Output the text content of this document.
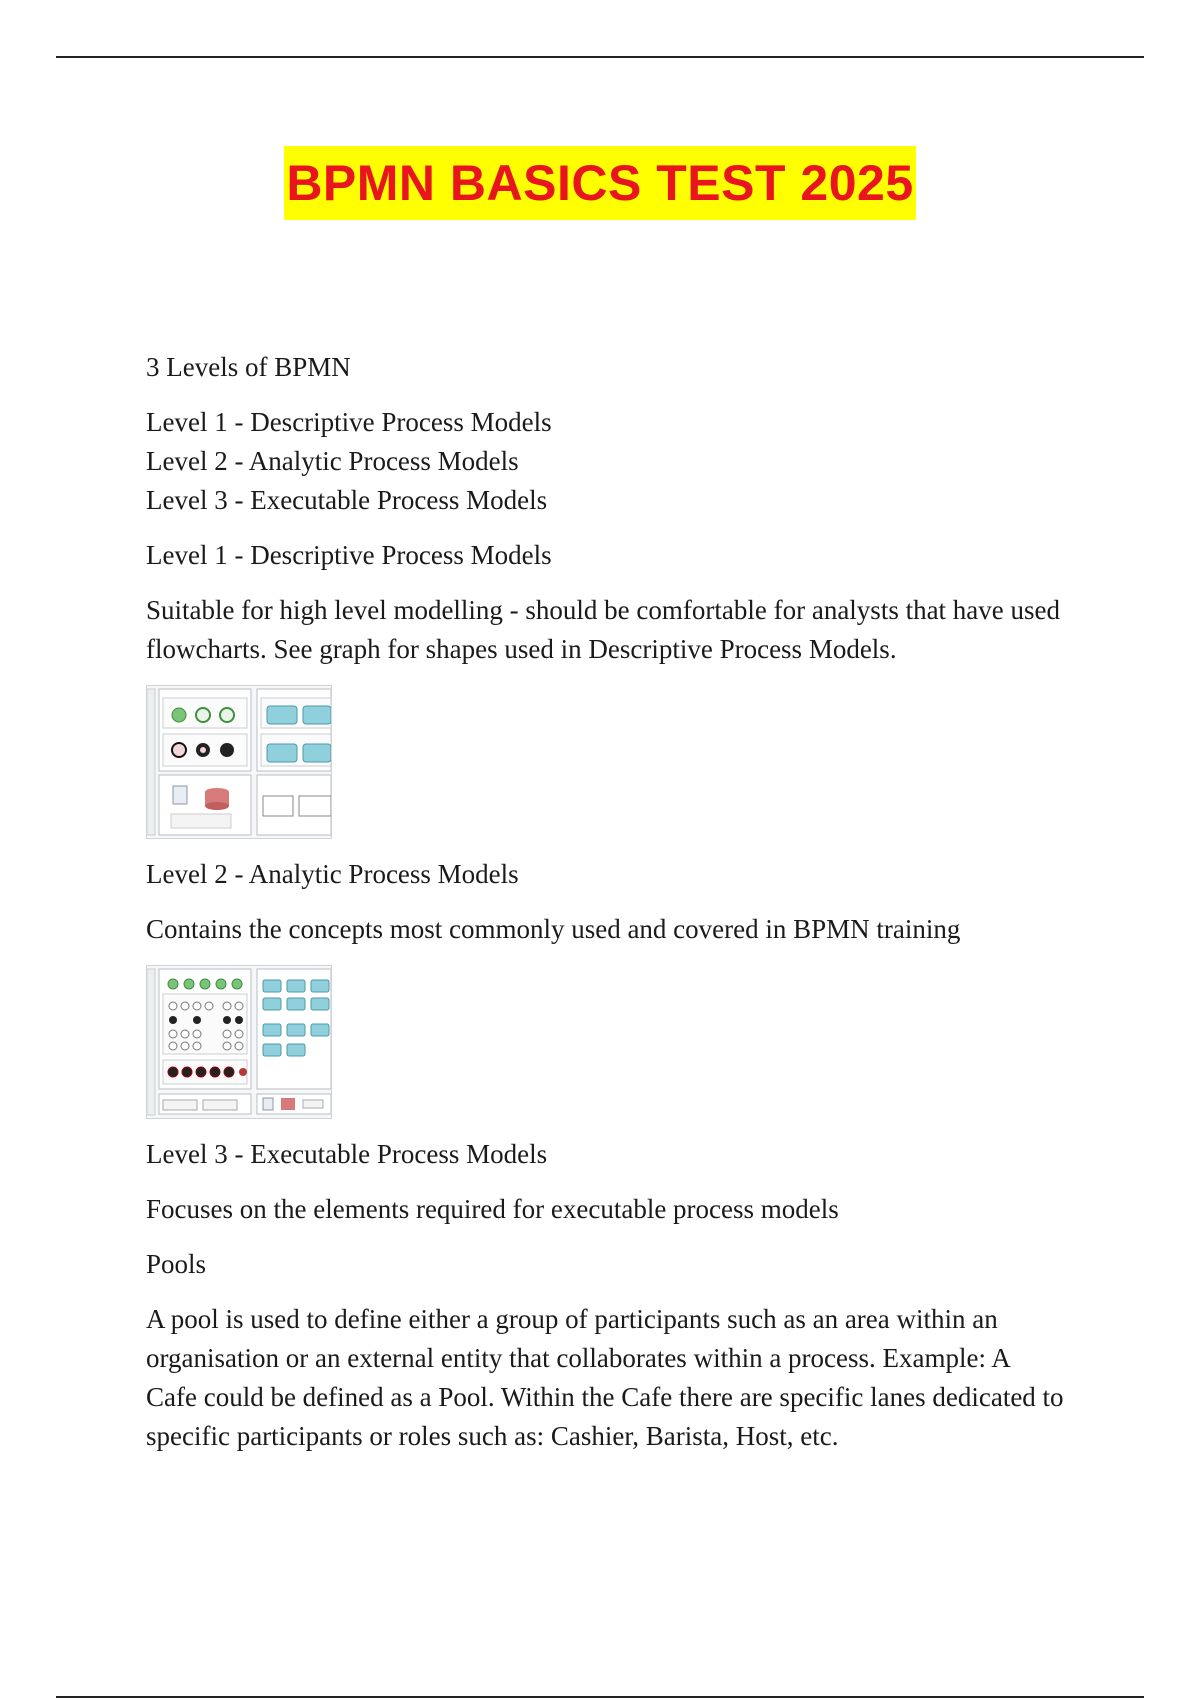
BPMN BASICS TEST 2025

3 Levels of BPMN

Level 1 - Descriptive Process Models

Level 2 - Analytic Process Models

Level 3 - Executable Process Models

Level 1 - Descriptive Process Models

Suitable for high level modelling - should be comfortable for analysts that have used flowcharts. See graph for shapes used in Descriptive Process Models.

Level 2 - Analytic Process Models

Contains the concepts most commonly used and covered in BPMN training

Level 3 - Executable Process Models

Focuses on the elements required for executable process models

Pools

A pool is used to define either a group of participants such as an area within an organisation or an external entity that collaborates within a process. Example: A Cafe could be defined as a Pool. Within the Cafe there are specific lanes dedicated to specific participants or roles such as: Cashier, Barista, Host, etc.
